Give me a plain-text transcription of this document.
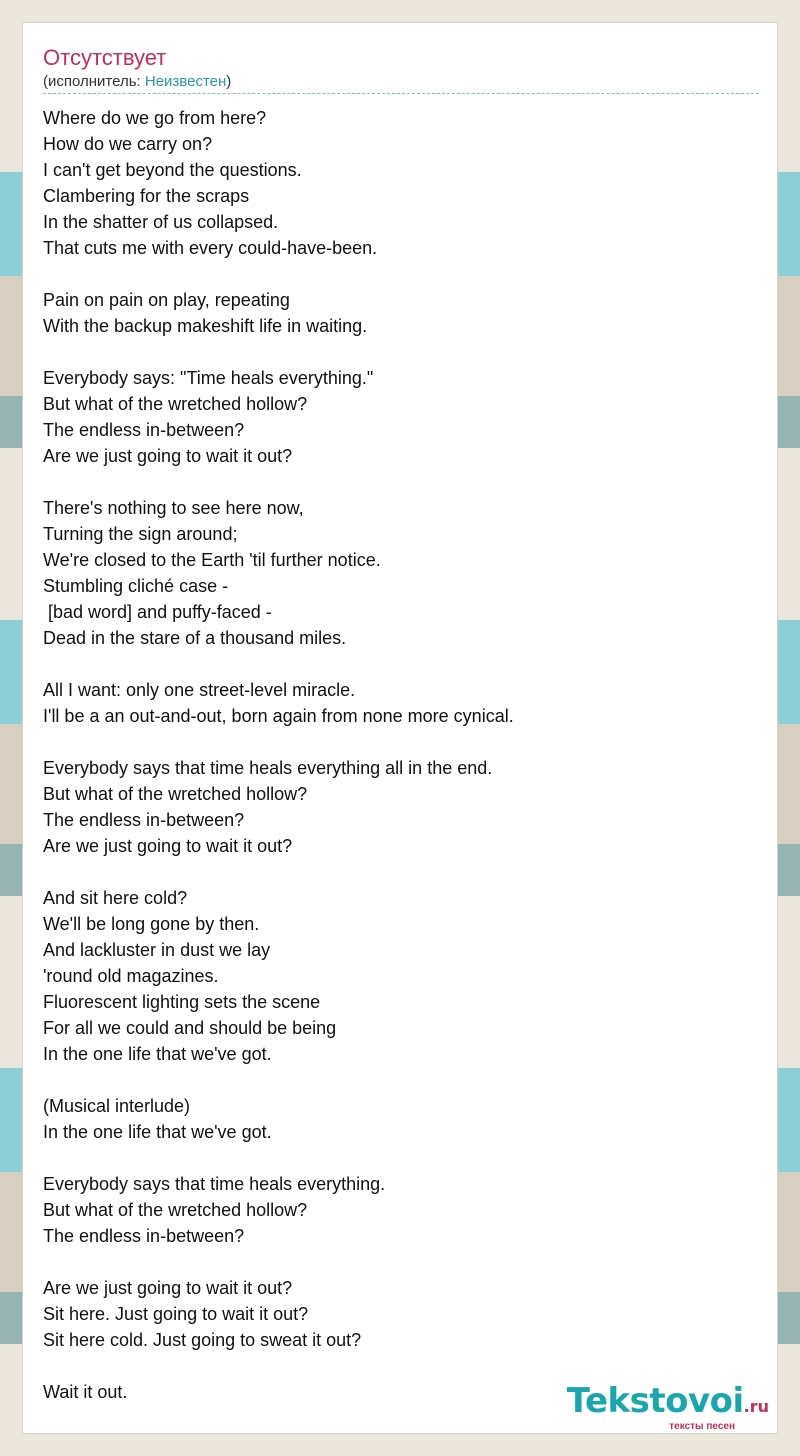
Отсутствует
(исполнитель: Неизвестен)
Where do we go from here?
How do we carry on?
I can't get beyond the questions.
Clambering for the scraps
In the shatter of us collapsed.
That cuts me with every could-have-been.
Pain on pain on play, repeating
With the backup makeshift life in waiting.
Everybody says: "Time heals everything."
But what of the wretched hollow?
The endless in-between?
Are we just going to wait it out?
There's nothing to see here now,
Turning the sign around;
We're closed to the Earth 'til further notice.
Stumbling cliché case -
[bad word] and puffy-faced -
Dead in the stare of a thousand miles.
All I want: only one street-level miracle.
I'll be a an out-and-out, born again from none more cynical.
Everybody says that time heals everything all in the end.
But what of the wretched hollow?
The endless in-between?
Are we just going to wait it out?
And sit here cold?
We'll be long gone by then.
And lackluster in dust we lay
'round old magazines.
Fluorescent lighting sets the scene
For all we could and should be being
In the one life that we've got.
(Musical interlude)
In the one life that we've got.
Everybody says that time heals everything.
But what of the wretched hollow?
The endless in-between?
Are we just going to wait it out?
Sit here. Just going to wait it out?
Sit here cold. Just going to sweat it out?
Wait it out.	Tekstovoi.ru
тексты песен
